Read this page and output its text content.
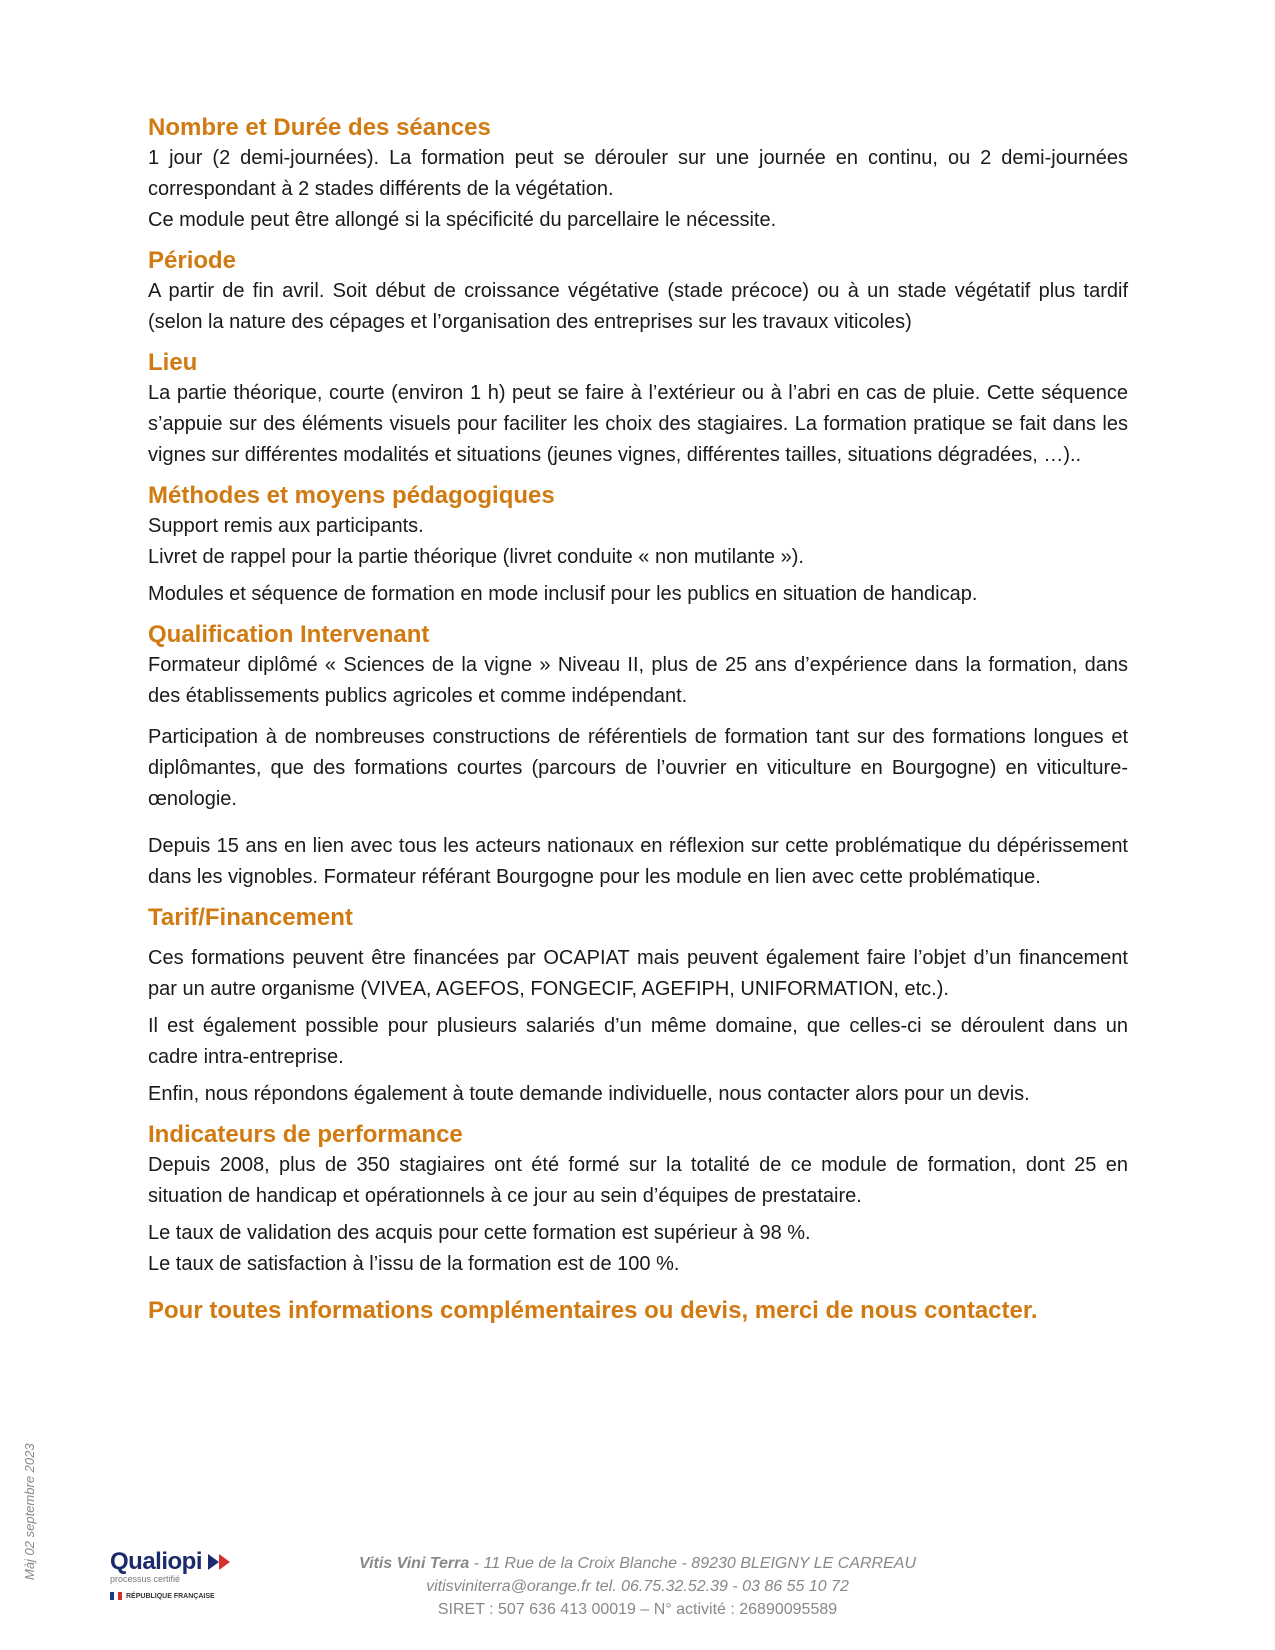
Nombre et Durée des séances

1 jour (2 demi-journées). La formation peut se dérouler sur une journée en continu, ou 2 demi-journées correspondant à 2 stades différents de la végétation.

Ce module peut être allongé si la spécificité du parcellaire le nécessite.

Période

A partir de fin avril. Soit début de croissance végétative (stade précoce) ou à un stade végétatif plus tardif (selon la nature des cépages et l’organisation des entreprises sur les travaux viticoles)

Lieu

La partie théorique, courte (environ 1 h) peut se faire à l’extérieur ou à l’abri en cas de pluie. Cette séquence s’appuie sur des éléments visuels pour faciliter les choix des stagiaires. La formation pratique se fait dans les vignes sur différentes modalités et situations (jeunes vignes, différentes tailles, situations dégradées, …)..

Méthodes et moyens pédagogiques

Support remis aux participants.

Livret de rappel pour la partie théorique (livret conduite « non mutilante »).

Modules et séquence de formation en mode inclusif pour les publics en situation de handicap.

Qualification Intervenant

Formateur diplômé « Sciences de la vigne » Niveau II, plus de 25 ans d’expérience dans la formation, dans des établissements publics agricoles et comme indépendant.

Participation à de nombreuses constructions de référentiels de formation tant sur des formations longues et diplômantes, que des formations courtes (parcours de l’ouvrier en viticulture en Bourgogne) en viticulture-œnologie.

Depuis 15 ans en lien avec tous les acteurs nationaux en réflexion sur cette problématique du dépérissement dans les vignobles. Formateur référant Bourgogne pour les module en lien avec cette problématique.

Tarif/Financement

Ces formations peuvent être financées par OCAPIAT mais peuvent également faire l’objet d’un financement par un autre organisme (VIVEA, AGEFOS, FONGECIF, AGEFIPH, UNIFORMATION, etc.).

Il est également possible pour plusieurs salariés d’un même domaine, que celles-ci se déroulent dans un cadre intra-entreprise.

Enfin, nous répondons également à toute demande individuelle, nous contacter alors pour un devis.

Indicateurs de performance

Depuis 2008, plus de 350 stagiaires ont été formé sur la totalité de ce module de formation, dont 25 en situation de handicap et opérationnels à ce jour au sein d’équipes de prestataire.

Le taux de validation des acquis pour cette formation est supérieur à 98 %.

Le taux de satisfaction à l’issu de la formation est de 100 %.

Pour toutes informations complémentaires ou devis, merci de nous contacter.
Màj 02 septembre 2023	Qualiopi
processus certifié
RÉPUBLIQUE FRANÇAISE
Vitis Vini Terra - 11 Rue de la Croix Blanche - 89230 BLEIGNY LE CARREAU
vitisviniterra@orange.fr tel. 06.75.32.52.39 - 03 86 55 10 72
SIRET : 507 636 413 00019 – N° activité : 26890095589
